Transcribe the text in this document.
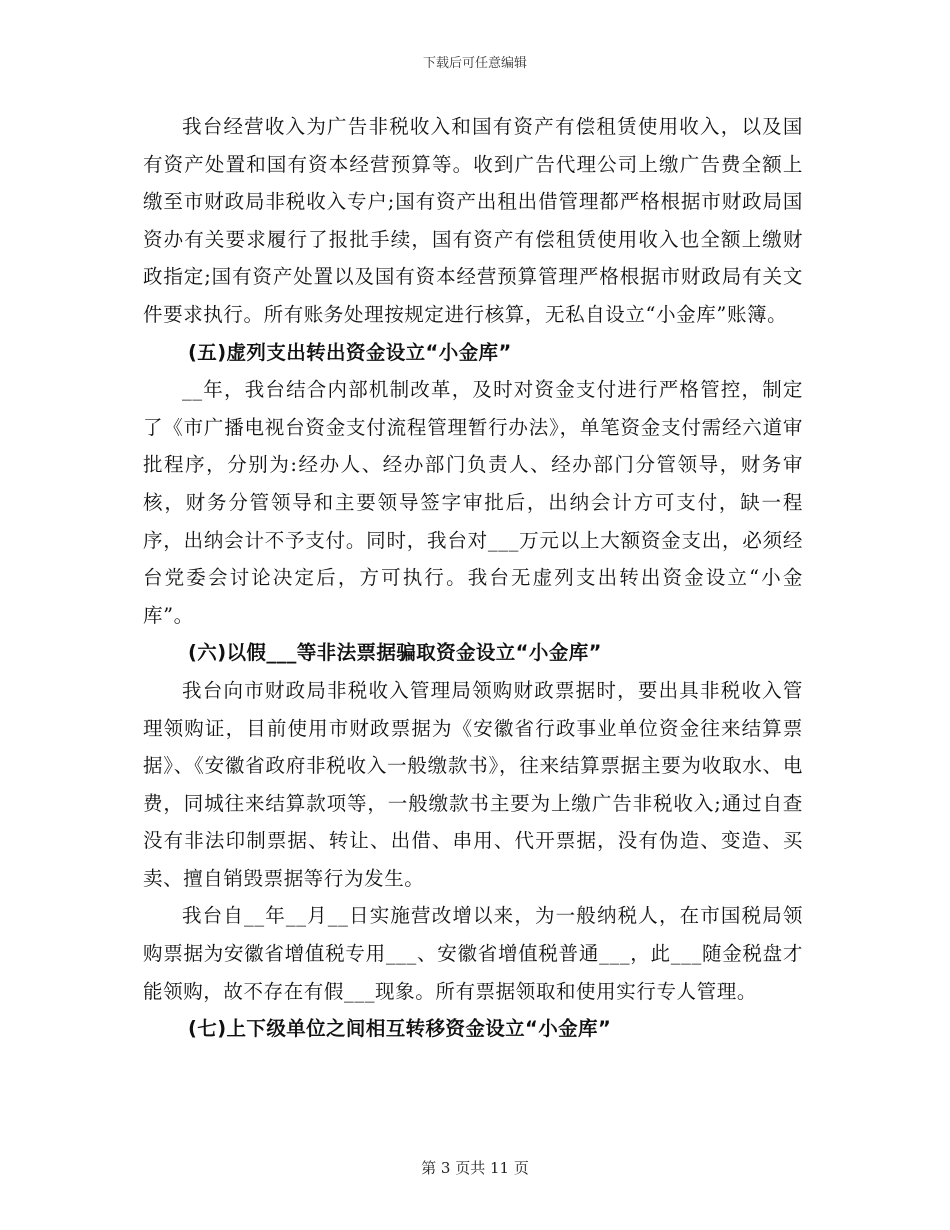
下载后可任意编辑

我台经营收入为广告非税收入和国有资产有偿租赁使用收入，以及国有资产处置和国有资本经营预算等。收到广告代理公司上缴广告费全额上缴至市财政局非税收入专户;国有资产出租出借管理都严格根据市财政局国资办有关要求履行了报批手续，国有资产有偿租赁使用收入也全额上缴财政指定;国有资产处置以及国有资本经营预算管理严格根据市财政局有关文件要求执行。所有账务处理按规定进行核算，无私自设立“小金库”账簿。

(五)虚列支出转出资金设立“小金库”

__年，我台结合内部机制改革，及时对资金支付进行严格管控，制定了《市广播电视台资金支付流程管理暂行办法》，单笔资金支付需经六道审批程序，分别为:经办人、经办部门负责人、经办部门分管领导，财务审核，财务分管领导和主要领导签字审批后，出纳会计方可支付，缺一程序，出纳会计不予支付。同时，我台对___万元以上大额资金支出，必须经台党委会讨论决定后，方可执行。我台无虚列支出转出资金设立“小金库”。

(六)以假___等非法票据骗取资金设立“小金库”

我台向市财政局非税收入管理局领购财政票据时，要出具非税收入管理领购证，目前使用市财政票据为《安徽省行政事业单位资金往来结算票据》、《安徽省政府非税收入一般缴款书》，往来结算票据主要为收取水、电费，同城往来结算款项等，一般缴款书主要为上缴广告非税收入;通过自查没有非法印制票据、转让、出借、串用、代开票据，没有伪造、变造、买卖、擅自销毁票据等行为发生。

我台自__年__月__日实施营改增以来，为一般纳税人，在市国税局领购票据为安徽省增值税专用___、安徽省增值税普通___，此___随金税盘才能领购，故不存在有假___现象。所有票据领取和使用实行专人管理。

(七)上下级单位之间相互转移资金设立“小金库”

第 3 页共 11 页
